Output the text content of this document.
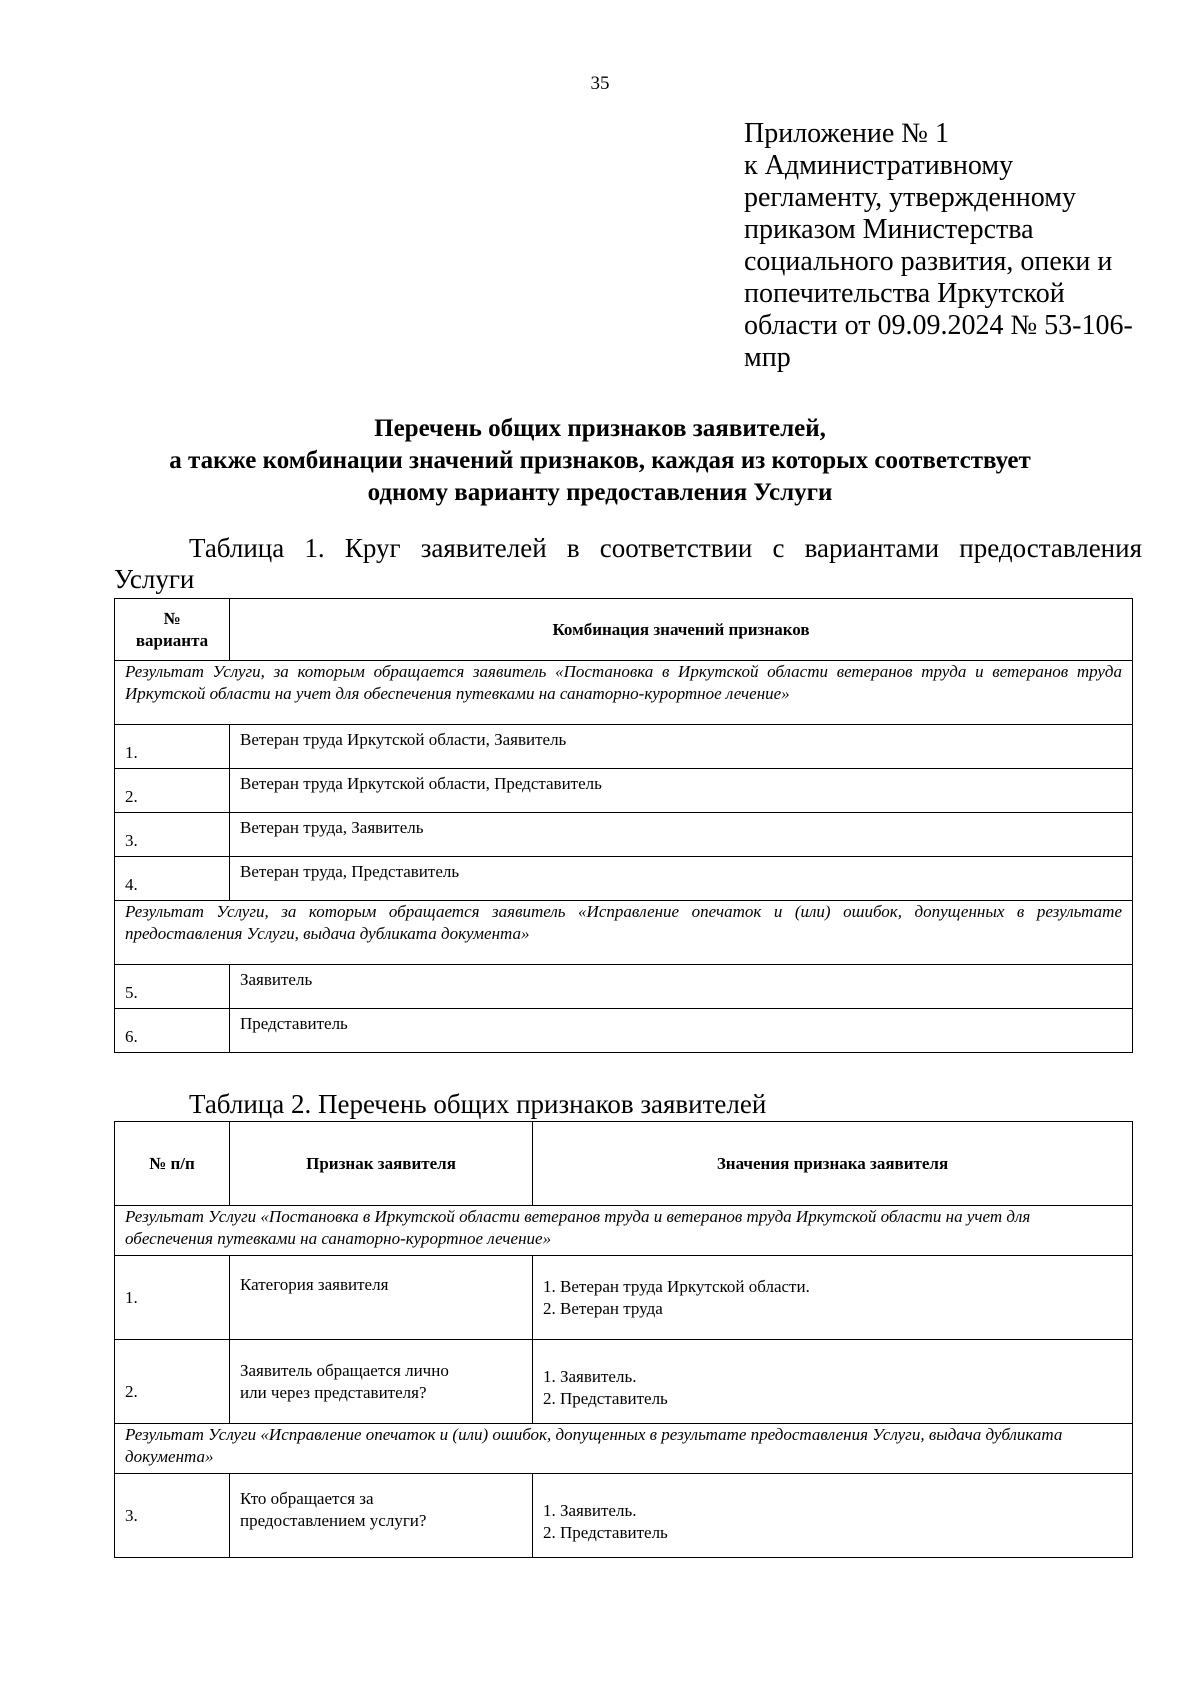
35
Приложение № 1
к Административному
регламенту, утвержденному
приказом Министерства
социального развития, опеки и
попечительства Иркутской
области от 09.09.2024 № 53-106-
мпр
Перечень общих признаков заявителей,
а также комбинации значений признаков, каждая из которых соответствует
одному варианту предоставления Услуги
Таблица 1. Круг заявителей в соответствии с вариантами предоставления
Услуги
№
варианта	Комбинация значений признаков
Результат Услуги, за которым обращается заявитель «Постановка в Иркутской области ветеранов труда и ветеранов труда Иркутской области на учет для обеспечения путевками на санаторно-курортное лечение»	
1.	Ветеран труда Иркутской области, Заявитель
2.	Ветеран труда Иркутской области, Представитель
3.	Ветеран труда, Заявитель
4.	Ветеран труда, Представитель
Результат Услуги, за которым обращается заявитель «Исправление опечаток и (или) ошибок, допущенных в результате предоставления Услуги, выдача дубликата документа»	
5.	Заявитель
6.	Представитель
Таблица 2. Перечень общих признаков заявителей
№ п/п	Признак заявителя	Значения признака заявителя
Результат Услуги «Постановка в Иркутской области ветеранов труда и ветеранов труда Иркутской области на учет для обеспечения путевками на санаторно-курортное лечение»		
1.	Категория заявителя	1. Ветеран труда Иркутской области.
2. Ветеран труда

2.	Заявитель обращается лично
или через представителя?	1. Заявитель.
2. Представитель

Результат Услуги «Исправление опечаток и (или) ошибок, допущенных в результате предоставления Услуги, выдача дубликата документа»		
3.	Кто обращается за
предоставлением услуги?	1. Заявитель.
2. Представитель
